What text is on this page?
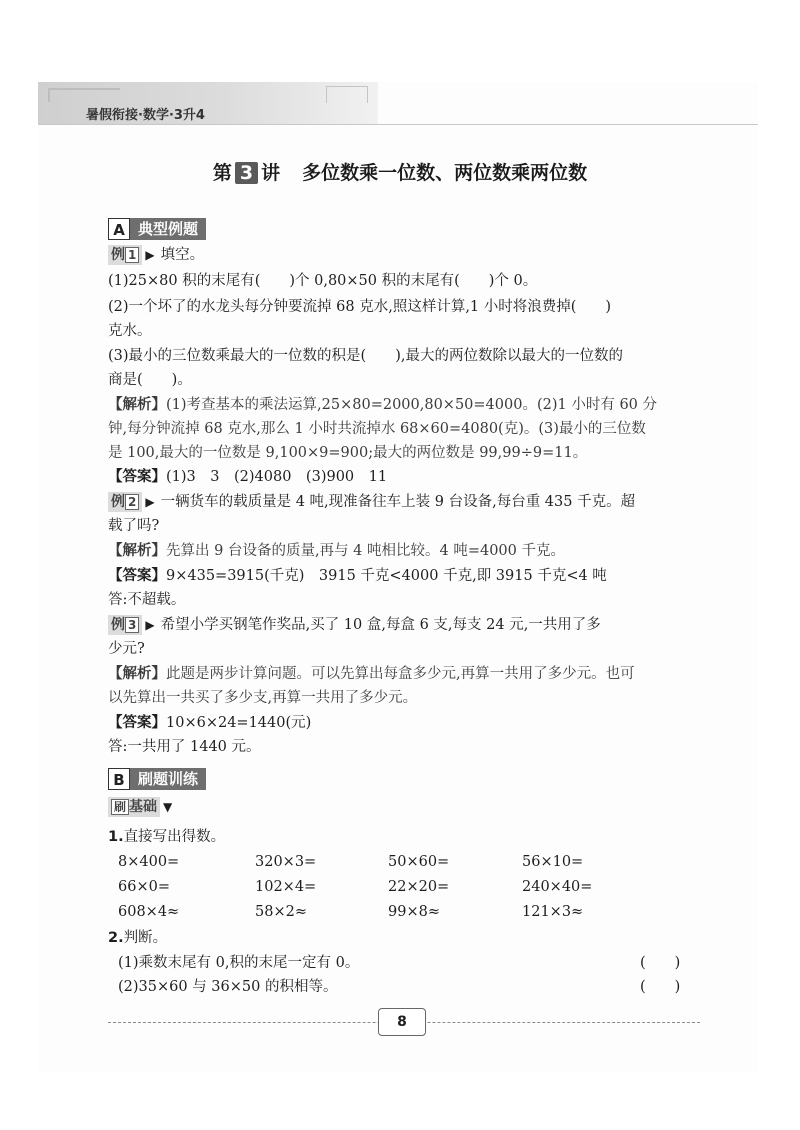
暑假衔接·数学·3升4
第 3 讲 多位数乘一位数、两位数乘两位数
A 典型例题
例 1 ▶ 填空。
(1)25×80 积的末尾有(　　)个 0,80×50 积的末尾有(　　)个 0。
(2)一个坏了的水龙头每分钟要流掉 68 克水,照这样计算,1 小时将浪费掉(　　)
克水。
(3)最小的三位数乘最大的一位数的积是(　　),最大的两位数除以最大的一位数的
商是(　　)。
【解析】(1)考查基本的乘法运算,25×80=2000,80×50=4000。(2)1 小时有 60 分
钟,每分钟流掉 68 克水,那么 1 小时共流掉水 68×60=4080(克)。(3)最小的三位数
是 100,最大的一位数是 9,100×9=900;最大的两位数是 99,99÷9=11。
【答案】(1)3　3　(2)4080　(3)900　11
例 2 ▶ 一辆货车的载质量是 4 吨,现准备往车上装 9 台设备,每台重 435 千克。超
载了吗?
【解析】先算出 9 台设备的质量,再与 4 吨相比较。4 吨=4000 千克。
【答案】9×435=3915(千克)　3915 千克<4000 千克,即 3915 千克<4 吨
答:不超载。
例 3 ▶ 希望小学买钢笔作奖品,买了 10 盒,每盒 6 支,每支 24 元,一共用了多
少元?
【解析】此题是两步计算问题。可以先算出每盒多少元,再算一共用了多少元。也可
以先算出一共买了多少支,再算一共用了多少元。
【答案】10×6×24=1440(元)
答:一共用了 1440 元。
B 刷题训练
刷 基础 ▼
1.直接写出得数。
8×400=	320×3=	50×60=	56×10=
66×0=	102×4=	22×20=	240×40=
608×4≈	58×2≈	99×8≈	121×3≈
2.判断。
(1)乘数末尾有 0,积的末尾一定有 0。	(　　)
(2)35×60 与 36×50 的积相等。	(　　)
8
